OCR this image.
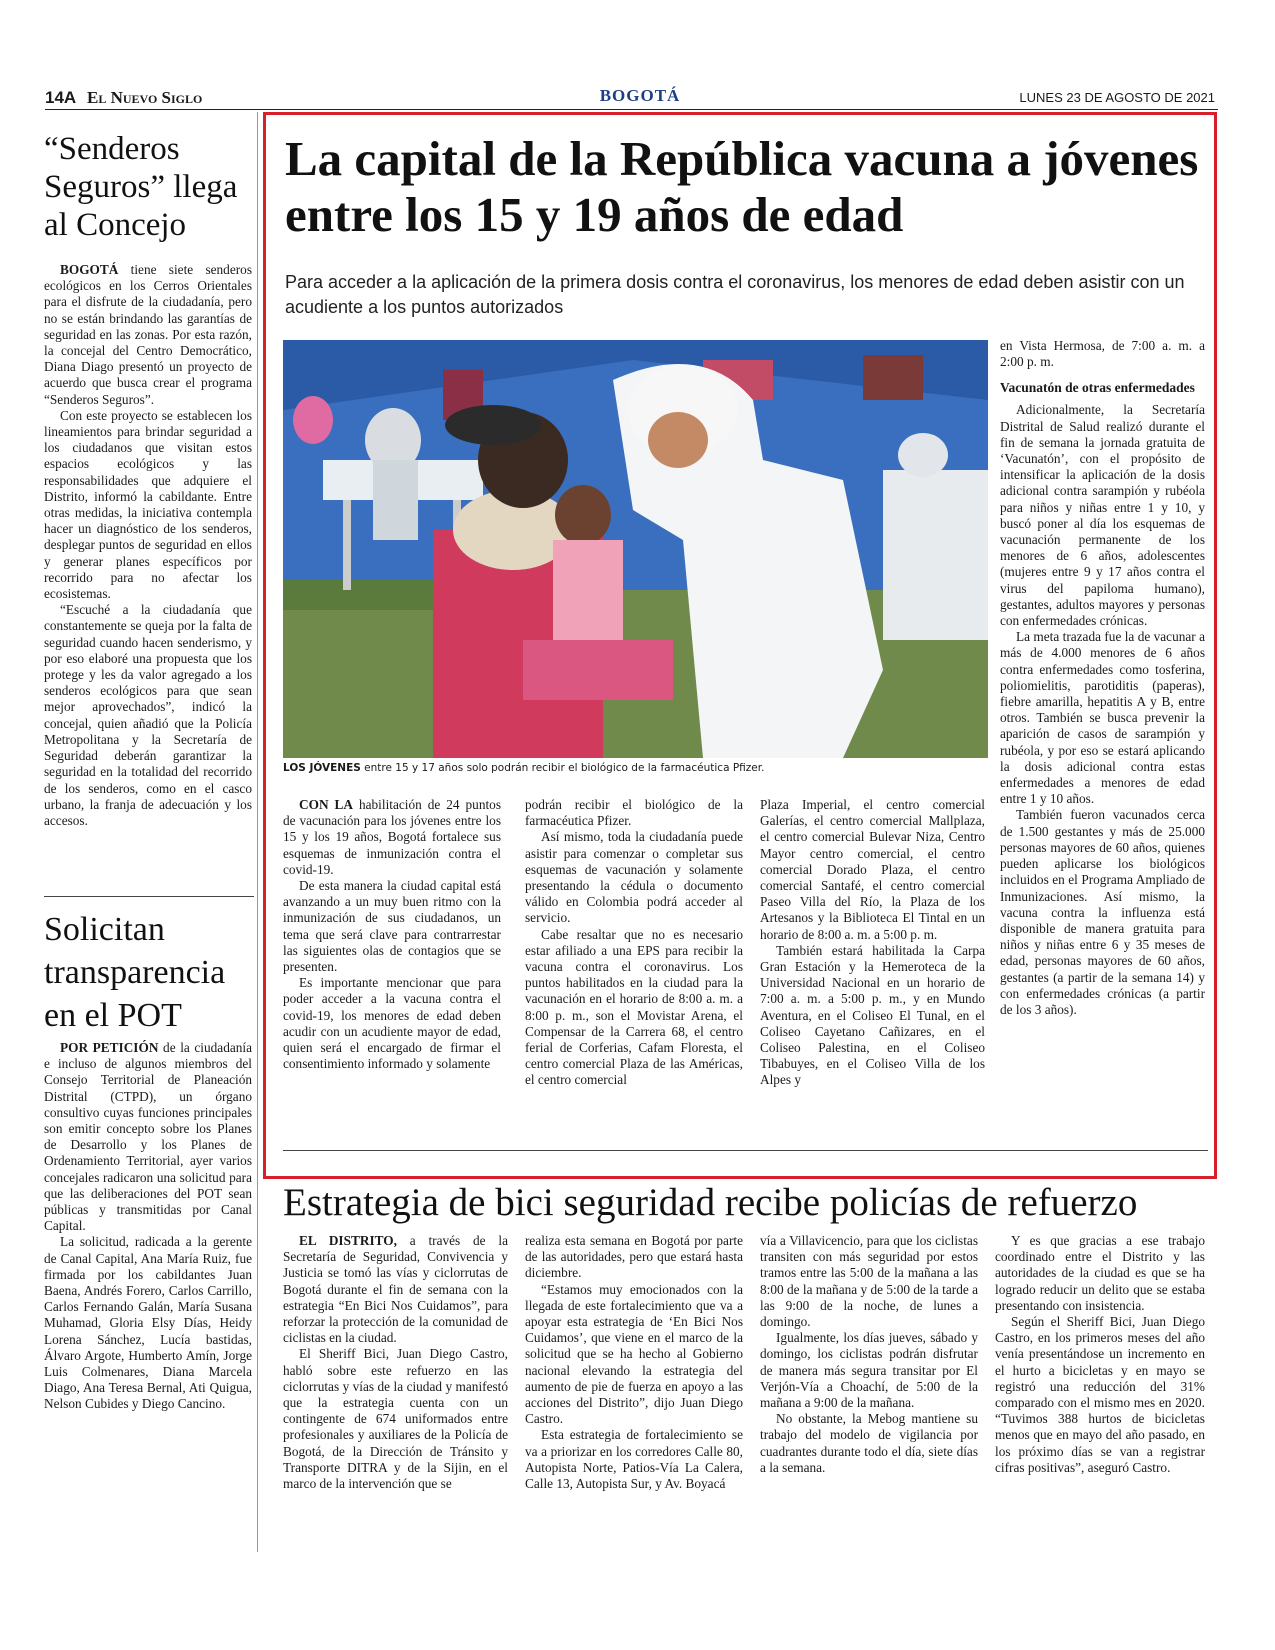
14A El Nuevo Siglo	BOGOTÁ	LUNES 23 DE AGOSTO DE 2021
“Senderos Seguros” llega al Concejo

BOGOTÁ tiene siete senderos ecológicos en los Cerros Orientales para el disfrute de la ciudadanía, pero no se están brindando las garantías de seguridad en las zonas. Por esta razón, la concejal del Centro Democrático, Diana Diago presentó un proyecto de acuerdo que busca crear el programa “Senderos Seguros”.

Con este proyecto se establecen los lineamientos para brindar seguridad a los ciudadanos que visitan estos espacios ecológicos y las responsabilidades que adquiere el Distrito, informó la cabildante. Entre otras medidas, la iniciativa contempla hacer un diagnóstico de los senderos, desplegar puntos de seguridad en ellos y generar planes específicos por recorrido para no afectar los ecosistemas.

“Escuché a la ciudadanía que constantemente se queja por la falta de seguridad cuando hacen senderismo, y por eso elaboré una propuesta que los protege y les da valor agregado a los senderos ecológicos para que sean mejor aprovechados”, indicó la concejal, quien añadió que la Policía Metropolitana y la Secretaría de Seguridad deberán garantizar la seguridad en la totalidad del recorrido de los senderos, como en el casco urbano, la franja de adecuación y los accesos.

Solicitan transparencia en el POT

POR PETICIÓN de la ciudadanía e incluso de algunos miembros del Consejo Territorial de Planeación Distrital (CTPD), un órgano consultivo cuyas funciones principales son emitir concepto sobre los Planes de Desarrollo y los Planes de Ordenamiento Territorial, ayer varios concejales radicaron una solicitud para que las deliberaciones del POT sean públicas y transmitidas por Canal Capital.

La solicitud, radicada a la gerente de Canal Capital, Ana María Ruiz, fue firmada por los cabildantes Juan Baena, Andrés Forero, Carlos Carrillo, Carlos Fernando Galán, María Susana Muhamad, Gloria Elsy Días, Heidy Lorena Sánchez, Lucía bastidas, Álvaro Argote, Humberto Amín, Jorge Luis Colmenares, Diana Marcela Diago, Ana Teresa Bernal, Ati Quigua, Nelson Cubides y Diego Cancino.

La capital de la República vacuna a jóvenes entre los 15 y 19 años de edad
Para acceder a la aplicación de la primera dosis contra el coronavirus, los menores de edad deben asistir con un acudiente a los puntos autorizados
LOS JÓVENES entre 15 y 17 años solo podrán recibir el biológico de la farmacéutica Pfizer.

en Vista Hermosa, de 7:00 a. m. a 2:00 p. m.

Vacunatón de otras enfermedades

Adicionalmente, la Secretaría Distrital de Salud realizó durante el fin de semana la jornada gratuita de ‘Vacunatón’, con el propósito de intensificar la aplicación de la dosis adicional contra sarampión y rubéola para niños y niñas entre 1 y 10, y buscó poner al día los esquemas de vacunación permanente de los menores de 6 años, adolescentes (mujeres entre 9 y 17 años contra el virus del papiloma humano), gestantes, adultos mayores y personas con enfermedades crónicas.

La meta trazada fue la de vacunar a más de 4.000 menores de 6 años contra enfermedades como tosferina, poliomielitis, parotiditis (paperas), fiebre amarilla, hepatitis A y B, entre otros. También se busca prevenir la aparición de casos de sarampión y rubéola, y por eso se estará aplicando la dosis adicional contra estas enfermedades a menores de edad entre 1 y 10 años.

También fueron vacunados cerca de 1.500 gestantes y más de 25.000 personas mayores de 60 años, quienes pueden aplicarse los biológicos incluidos en el Programa Ampliado de Inmunizaciones. Así mismo, la vacuna contra la influenza está disponible de manera gratuita para niños y niñas entre 6 y 35 meses de edad, personas mayores de 60 años, gestantes (a partir de la semana 14) y con enfermedades crónicas (a partir de los 3 años).

CON LA habilitación de 24 puntos de vacunación para los jóvenes entre los 15 y los 19 años, Bogotá fortalece sus esquemas de inmunización contra el covid-19.

De esta manera la ciudad capital está avanzando a un muy buen ritmo con la inmunización de sus ciudadanos, un tema que será clave para contrarrestar las siguientes olas de contagios que se presenten.

Es importante mencionar que para poder acceder a la vacuna contra el covid-19, los menores de edad deben acudir con un acudiente mayor de edad, quien será el encargado de firmar el consentimiento informado y solamente

podrán recibir el biológico de la farmacéutica Pfizer.

Así mismo, toda la ciudadanía puede asistir para comenzar o completar sus esquemas de vacunación y solamente presentando la cédula o documento válido en Colombia podrá acceder al servicio.

Cabe resaltar que no es necesario estar afiliado a una EPS para recibir la vacuna contra el coronavirus. Los puntos habilitados en la ciudad para la vacunación en el horario de 8:00 a. m. a 8:00 p. m., son el Movistar Arena, el Compensar de la Carrera 68, el centro ferial de Corferias, Cafam Floresta, el centro comercial Plaza de las Américas, el centro comercial

Plaza Imperial, el centro comercial Galerías, el centro comercial Mallplaza, el centro comercial Bulevar Niza, Centro Mayor centro comercial, el centro comercial Dorado Plaza, el centro comercial Santafé, el centro comercial Paseo Villa del Río, la Plaza de los Artesanos y la Biblioteca El Tintal en un horario de 8:00 a. m. a 5:00 p. m.

También estará habilitada la Carpa Gran Estación y la Hemeroteca de la Universidad Nacional en un horario de 7:00 a. m. a 5:00 p. m., y en Mundo Aventura, en el Coliseo El Tunal, en el Coliseo Cayetano Cañizares, en el Coliseo Palestina, en el Coliseo Tibabuyes, en el Coliseo Villa de los Alpes y

Estrategia de bici seguridad recibe policías de refuerzo

EL DISTRITO, a través de la Secretaría de Seguridad, Convivencia y Justicia se tomó las vías y ciclorrutas de Bogotá durante el fin de semana con la estrategia “En Bici Nos Cuidamos”, para reforzar la protección de la comunidad de ciclistas en la ciudad.

El Sheriff Bici, Juan Diego Castro, habló sobre este refuerzo en las ciclorrutas y vías de la ciudad y manifestó que la estrategia cuenta con un contingente de 674 uniformados entre profesionales y auxiliares de la Policía de Bogotá, de la Dirección de Tránsito y Transporte DITRA y de la Sijin, en el marco de la intervención que se

realiza esta semana en Bogotá por parte de las autoridades, pero que estará hasta diciembre.

“Estamos muy emocionados con la llegada de este fortalecimiento que va a apoyar esta estrategia de ‘En Bici Nos Cuidamos’, que viene en el marco de la solicitud que se ha hecho al Gobierno nacional elevando la estrategia del aumento de pie de fuerza en apoyo a las acciones del Distrito”, dijo Juan Diego Castro.

Esta estrategia de fortalecimiento se va a priorizar en los corredores Calle 80, Autopista Norte, Patios-Vía La Calera, Calle 13, Autopista Sur, y Av. Boyacá

vía a Villavicencio, para que los ciclistas transiten con más seguridad por estos tramos entre las 5:00 de la mañana a las 8:00 de la mañana y de 5:00 de la tarde a las 9:00 de la noche, de lunes a domingo.

Igualmente, los días jueves, sábado y domingo, los ciclistas podrán disfrutar de manera más segura transitar por El Verjón-Vía a Choachí, de 5:00 de la mañana a 9:00 de la mañana.

No obstante, la Mebog mantiene su trabajo del modelo de vigilancia por cuadrantes durante todo el día, siete días a la semana.

Y es que gracias a ese trabajo coordinado entre el Distrito y las autoridades de la ciudad es que se ha logrado reducir un delito que se estaba presentando con insistencia.

Según el Sheriff Bici, Juan Diego Castro, en los primeros meses del año venía presentándose un incremento en el hurto a bicicletas y en mayo se registró una reducción del 31% comparado con el mismo mes en 2020. “Tuvimos 388 hurtos de bicicletas menos que en mayo del año pasado, en los próximo días se van a registrar cifras positivas”, aseguró Castro.
